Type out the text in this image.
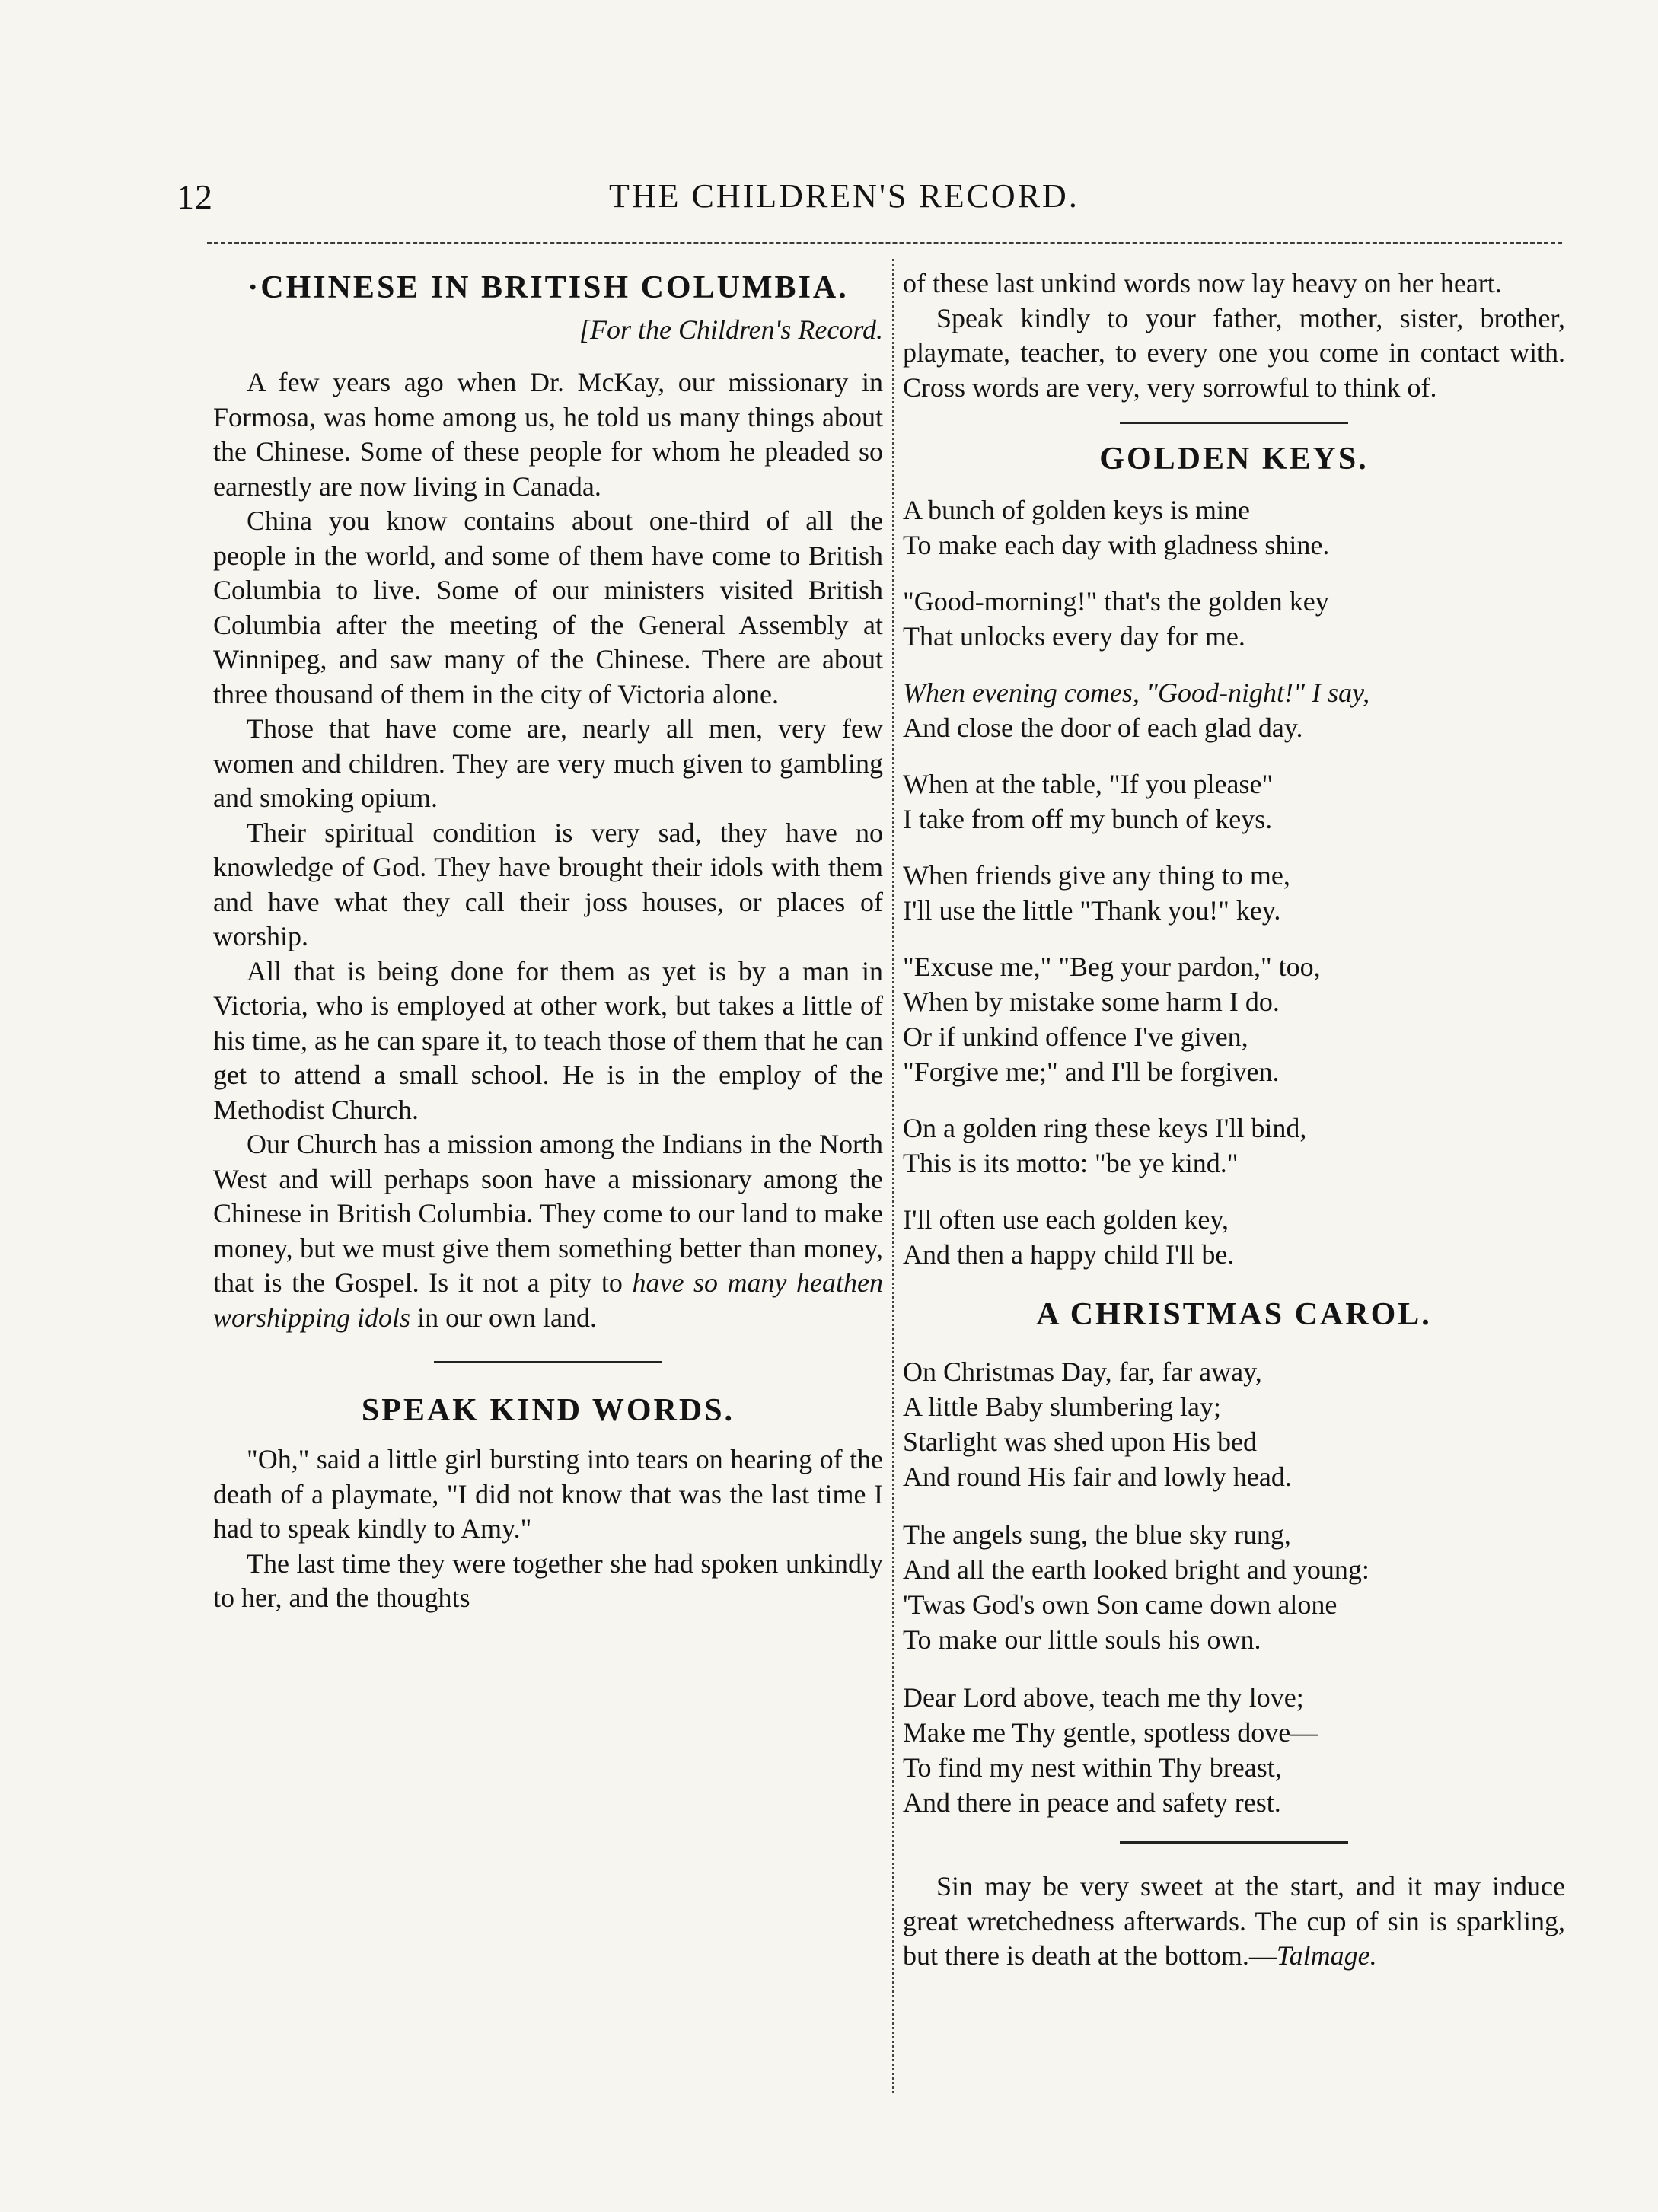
12	THE CHILDREN'S RECORD.
·CHINESE IN BRITISH COLUMBIA.
[For the Children's Record.

A few years ago when Dr. McKay, our missionary in Formosa, was home among us, he told us many things about the Chinese. Some of these people for whom he pleaded so earnestly are now living in Canada.

China you know contains about one-third of all the people in the world, and some of them have come to British Columbia to live. Some of our ministers visited British Columbia after the meeting of the General Assembly at Winnipeg, and saw many of the Chinese. There are about three thousand of them in the city of Victoria alone.

Those that have come are, nearly all men, very few women and children. They are very much given to gambling and smoking opium.

Their spiritual condition is very sad, they have no knowledge of God. They have brought their idols with them and have what they call their joss houses, or places of worship.

All that is being done for them as yet is by a man in Victoria, who is employed at other work, but takes a little of his time, as he can spare it, to teach those of them that he can get to attend a small school. He is in the employ of the Methodist Church.

Our Church has a mission among the Indians in the North West and will perhaps soon have a missionary among the Chinese in British Columbia. They come to our land to make money, but we must give them something better than money, that is the Gospel. Is it not a pity to have so many heathen worshipping idols in our own land.

SPEAK KIND WORDS.

"Oh," said a little girl bursting into tears on hearing of the death of a playmate, "I did not know that was the last time I had to speak kindly to Amy."

The last time they were together she had spoken unkindly to her, and the thoughts

of these last unkind words now lay heavy on her heart.

Speak kindly to your father, mother, sister, brother, playmate, teacher, to every one you come in contact with. Cross words are very, very sorrowful to think of.

GOLDEN KEYS.
A bunch of golden keys is mine
To make each day with gladness shine.
"Good-morning!" that's the golden key
That unlocks every day for me.
When evening comes, "Good-night!" I say,
And close the door of each glad day.
When at the table, "If you please"
I take from off my bunch of keys.
When friends give any thing to me,
I'll use the little "Thank you!" key.
"Excuse me," "Beg your pardon," too,
When by mistake some harm I do.
Or if unkind offence I've given,
"Forgive me;" and I'll be forgiven.
On a golden ring these keys I'll bind,
This is its motto: "be ye kind."
I'll often use each golden key,
And then a happy child I'll be.
A CHRISTMAS CAROL.
On Christmas Day, far, far away,
A little Baby slumbering lay;
Starlight was shed upon His bed
And round His fair and lowly head.
The angels sung, the blue sky rung,
And all the earth looked bright and young:
'Twas God's own Son came down alone
To make our little souls his own.
Dear Lord above, teach me thy love;
Make me Thy gentle, spotless dove—
To find my nest within Thy breast,
And there in peace and safety rest.

Sin may be very sweet at the start, and it may induce great wretchedness afterwards. The cup of sin is sparkling, but there is death at the bottom.—Talmage.
